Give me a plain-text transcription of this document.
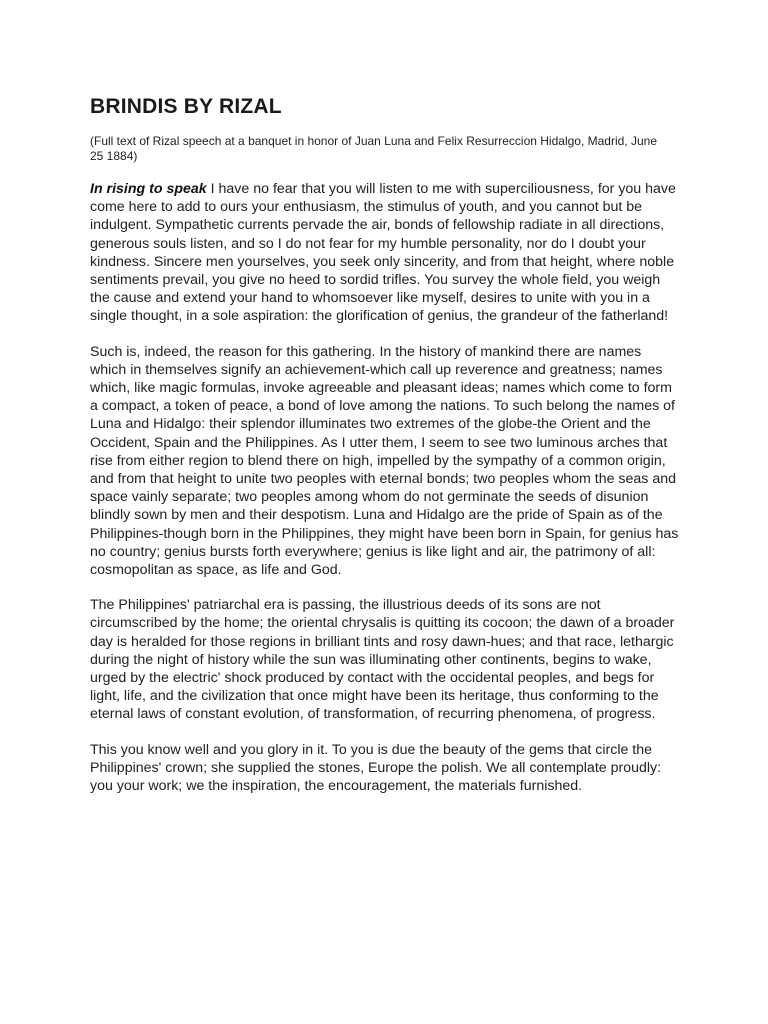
BRINDIS BY RIZAL

(Full text of Rizal speech at a banquet in honor of Juan Luna and Felix Resurreccion Hidalgo, Madrid, June 25 1884)

In rising to speak I have no fear that you will listen to me with superciliousness, for you have come here to add to ours your enthusiasm, the stimulus of youth, and you cannot but be indulgent. Sympathetic currents pervade the air, bonds of fellowship radiate in all directions, generous souls listen, and so I do not fear for my humble personality, nor do I doubt your kindness. Sincere men yourselves, you seek only sincerity, and from that height, where noble sentiments prevail, you give no heed to sordid trifles. You survey the whole field, you weigh the cause and extend your hand to whomsoever like myself, desires to unite with you in a single thought, in a sole aspiration: the glorification of genius, the grandeur of the fatherland!

Such is, indeed, the reason for this gathering. In the history of mankind there are names which in themselves signify an achievement-which call up reverence and greatness; names which, like magic formulas, invoke agreeable and pleasant ideas; names which come to form a compact, a token of peace, a bond of love among the nations. To such belong the names of Luna and Hidalgo: their splendor illuminates two extremes of the globe-the Orient and the Occident, Spain and the Philippines. As I utter them, I seem to see two luminous arches that rise from either region to blend there on high, impelled by the sympathy of a common origin, and from that height to unite two peoples with eternal bonds; two peoples whom the seas and space vainly separate; two peoples among whom do not germinate the seeds of disunion blindly sown by men and their despotism. Luna and Hidalgo are the pride of Spain as of the Philippines-though born in the Philippines, they might have been born in Spain, for genius has no country; genius bursts forth everywhere; genius is like light and air, the patrimony of all: cosmopolitan as space, as life and God.

The Philippines' patriarchal era is passing, the illustrious deeds of its sons are not circumscribed by the home; the oriental chrysalis is quitting its cocoon; the dawn of a broader day is heralded for those regions in brilliant tints and rosy dawn-hues; and that race, lethargic during the night of history while the sun was illuminating other continents, begins to wake, urged by the electric' shock produced by contact with the occidental peoples, and begs for light, life, and the civilization that once might have been its heritage, thus conforming to the eternal laws of constant evolution, of transformation, of recurring phenomena, of progress.

This you know well and you glory in it. To you is due the beauty of the gems that circle the Philippines' crown; she supplied the stones, Europe the polish. We all contemplate proudly: you your work; we the inspiration, the encouragement, the materials furnished.
